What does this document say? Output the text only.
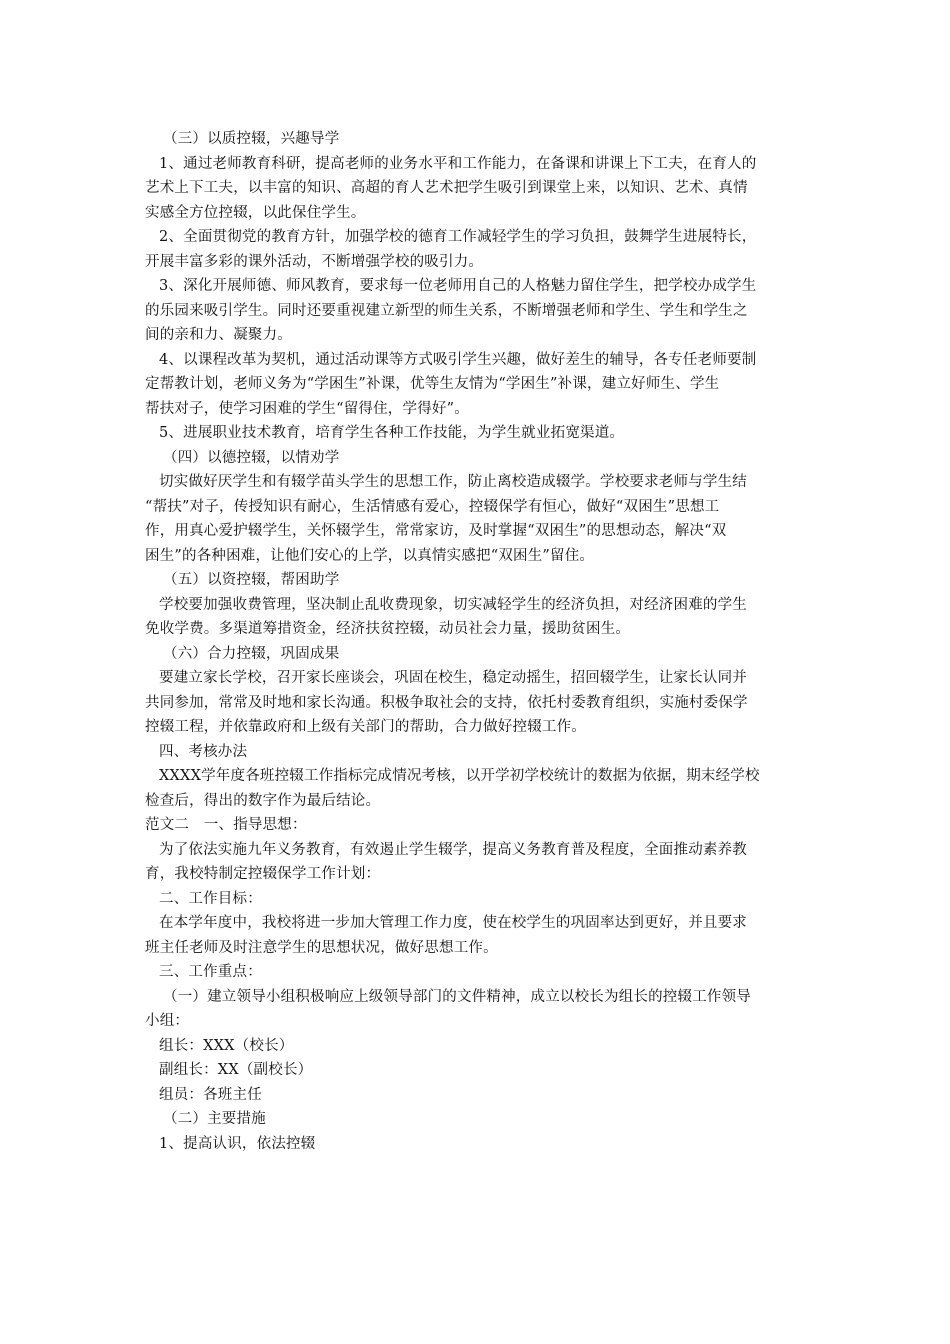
（三）以质控辍，兴趣导学

1、通过老师教育科研，提高老师的业务水平和工作能力，在备课和讲课上下工夫，在育人的

艺术上下工夫，以丰富的知识、高超的育人艺术把学生吸引到课堂上来，以知识、艺术、真情

实感全方位控辍，以此保住学生。

2、全面贯彻党的教育方针，加强学校的德育工作减轻学生的学习负担，鼓舞学生进展特长，

开展丰富多彩的课外活动，不断增强学校的吸引力。

3、深化开展师德、师风教育，要求每一位老师用自己的人格魅力留住学生，把学校办成学生

的乐园来吸引学生。同时还要重视建立新型的师生关系，不断增强老师和学生、学生和学生之

间的亲和力、凝聚力。

4、以课程改革为契机，通过活动课等方式吸引学生兴趣，做好差生的辅导，各专任老师要制

定帮教计划，老师义务为“学困生”补课，优等生友情为“学困生”补课，建立好师生、学生

帮扶对子，使学习困难的学生“留得住，学得好”。

5、进展职业技术教育，培育学生各种工作技能，为学生就业拓宽渠道。

（四）以德控辍，以情劝学

切实做好厌学生和有辍学苗头学生的思想工作，防止离校造成辍学。学校要求老师与学生结

“帮扶”对子，传授知识有耐心，生活情感有爱心，控辍保学有恒心，做好“双困生”思想工

作，用真心爱护辍学生，关怀辍学生，常常家访，及时掌握“双困生”的思想动态，解决“双

困生”的各种困难，让他们安心的上学，以真情实感把“双困生”留住。

（五）以资控辍，帮困助学

学校要加强收费管理，坚决制止乱收费现象，切实减轻学生的经济负担，对经济困难的学生

免收学费。多渠道筹措资金，经济扶贫控辍，动员社会力量，援助贫困生。

（六）合力控辍，巩固成果

要建立家长学校，召开家长座谈会，巩固在校生，稳定动摇生，招回辍学生，让家长认同并

共同参加，常常及时地和家长沟通。积极争取社会的支持，依托村委教育组织，实施村委保学

控辍工程，并依靠政府和上级有关部门的帮助，合力做好控辍工作。

四、考核办法

XXXX学年度各班控辍工作指标完成情况考核，以开学初学校统计的数据为依据，期末经学校

检查后，得出的数字作为最后结论。

范文二　一、指导思想：

为了依法实施九年义务教育，有效遏止学生辍学，提高义务教育普及程度，全面推动素养教

育，我校特制定控辍保学工作计划：

二、工作目标：

在本学年度中，我校将进一步加大管理工作力度，使在校学生的巩固率达到更好，并且要求

班主任老师及时注意学生的思想状况，做好思想工作。

三、工作重点：

（一）建立领导小组积极响应上级领导部门的文件精神，成立以校长为组长的控辍工作领导

小组：

组长：XXX（校长）

副组长：XX（副校长）

组员：各班主任

（二）主要措施

1、提高认识，依法控辍
